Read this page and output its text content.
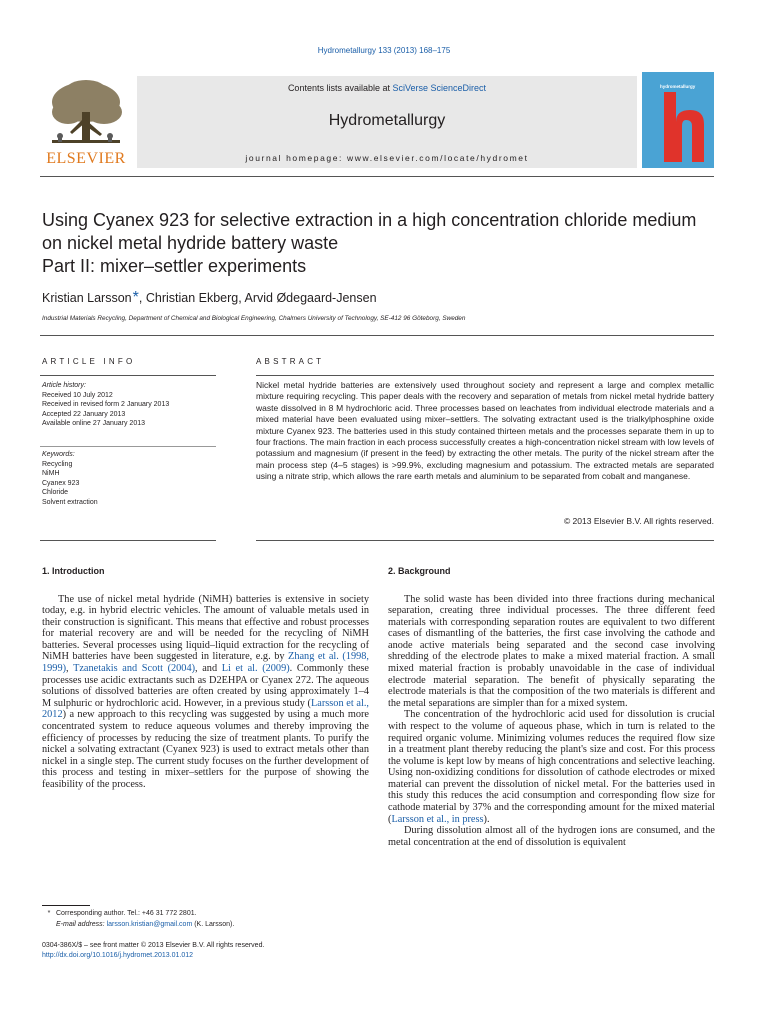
Hydrometallurgy 133 (2013) 168–175
ELSEVIER
Contents lists available at SciVerse ScienceDirect
Hydrometallurgy
journal homepage: www.elsevier.com/locate/hydromet
hydrometallurgy
Using Cyanex 923 for selective extraction in a high concentration chloride medium
on nickel metal hydride battery waste
Part II: mixer–settler experiments
Kristian Larsson *, Christian Ekberg, Arvid Ødegaard-Jensen
Industrial Materials Recycling, Department of Chemical and Biological Engineering, Chalmers University of Technology, SE-412 96 Göteborg, Sweden
ARTICLE INFO	ABSTRACT
Article history:
Received 10 July 2012
Received in revised form 2 January 2013
Accepted 22 January 2013
Available online 27 January 2013
Keywords:
Recycling
NiMH
Cyanex 923
Chloride
Solvent extraction
Nickel metal hydride batteries are extensively used throughout society and represent a large and complex metallic mixture requiring recycling. This paper deals with the recovery and separation of metals from nickel metal hydride battery waste dissolved in 8 M hydrochloric acid. Three processes based on leachates from individual electrode materials and a mixed material have been evaluated using mixer–settlers. The solvating extractant used is the trialkylphosphine oxide mixture Cyanex 923. The batteries used in this study contained thirteen metals and the processes separate them in up to four fractions. The main fraction in each process successfully creates a high-concentration nickel stream with low levels of potassium and magnesium (if present in the feed) by extracting the other metals. The purity of the nickel stream after the main process step (4–5 stages) is >99.9%, excluding magnesium and potassium. The extracted metals are separated using a nitrate strip, which allows the rare earth metals and aluminium to be separated from cobalt and manganese.
© 2013 Elsevier B.V. All rights reserved.
1. Introduction

The use of nickel metal hydride (NiMH) batteries is extensive in society today, e.g. in hybrid electric vehicles. The amount of valuable metals used in their construction is significant. This means that effective and robust processes for material recovery are and will be needed for the recycling of NiMH batteries. Several processes using liquid–liquid extraction for the recycling of NiMH batteries have been suggested in literature, e.g. by Zhang et al. (1998, 1999), Tzanetakis and Scott (2004), and Li et al. (2009). Commonly these processes use acidic extractants such as D2EHPA or Cyanex 272. The aqueous solutions of dissolved batteries are often created by using approximately 1–4 M sulphuric or hydrochloric acid. However, in a previous study (Larsson et al., 2012) a new approach to this recycling was suggested by using a much more concentrated system to reduce aqueous volumes and thereby improving the efficiency of processes by reducing the size of treatment plants. To purify the nickel a solvating extractant (Cyanex 923) is used to extract metals other than nickel in a single step. The current study focuses on the further development of this process and testing in mixer–settlers for the purpose of showing the feasibility of the process.

2. Background

The solid waste has been divided into three fractions during mechanical separation, creating three individual processes. The three different feed materials with corresponding separation routes are equivalent to two different cases of dismantling of the batteries, the first case involving the cathode and anode active materials being separated and the second case involving shredding of the electrode plates to make a mixed material fraction. A small mixed material fraction is probably unavoidable in the case of individual electrode material separation. The benefit of physically separating the electrode materials is that the composition of the two materials is different and the metal separations are simpler than for a mixed system.

The concentration of the hydrochloric acid used for dissolution is crucial with respect to the volume of aqueous phase, which in turn is related to the required organic volume. Minimizing volumes reduces the required flow size in a treatment plant thereby reducing the plant's size and cost. For this process the volume is kept low by means of high concentrations and selective leaching. Using non-oxidizing conditions for dissolution of cathode electrodes or mixed material can prevent the dissolution of nickel metal. For the batteries used in this study this reduces the acid consumption and corresponding flow size for cathode material by 37% and the corresponding amount for the mixed material (Larsson et al., in press).

During dissolution almost all of the hydrogen ions are consumed, and the metal concentration at the end of dissolution is equivalent

* Corresponding author. Tel.: +46 31 772 2801.
E-mail address: larsson.kristian@gmail.com (K. Larsson).
0304-386X/$ – see front matter © 2013 Elsevier B.V. All rights reserved.
http://dx.doi.org/10.1016/j.hydromet.2013.01.012
